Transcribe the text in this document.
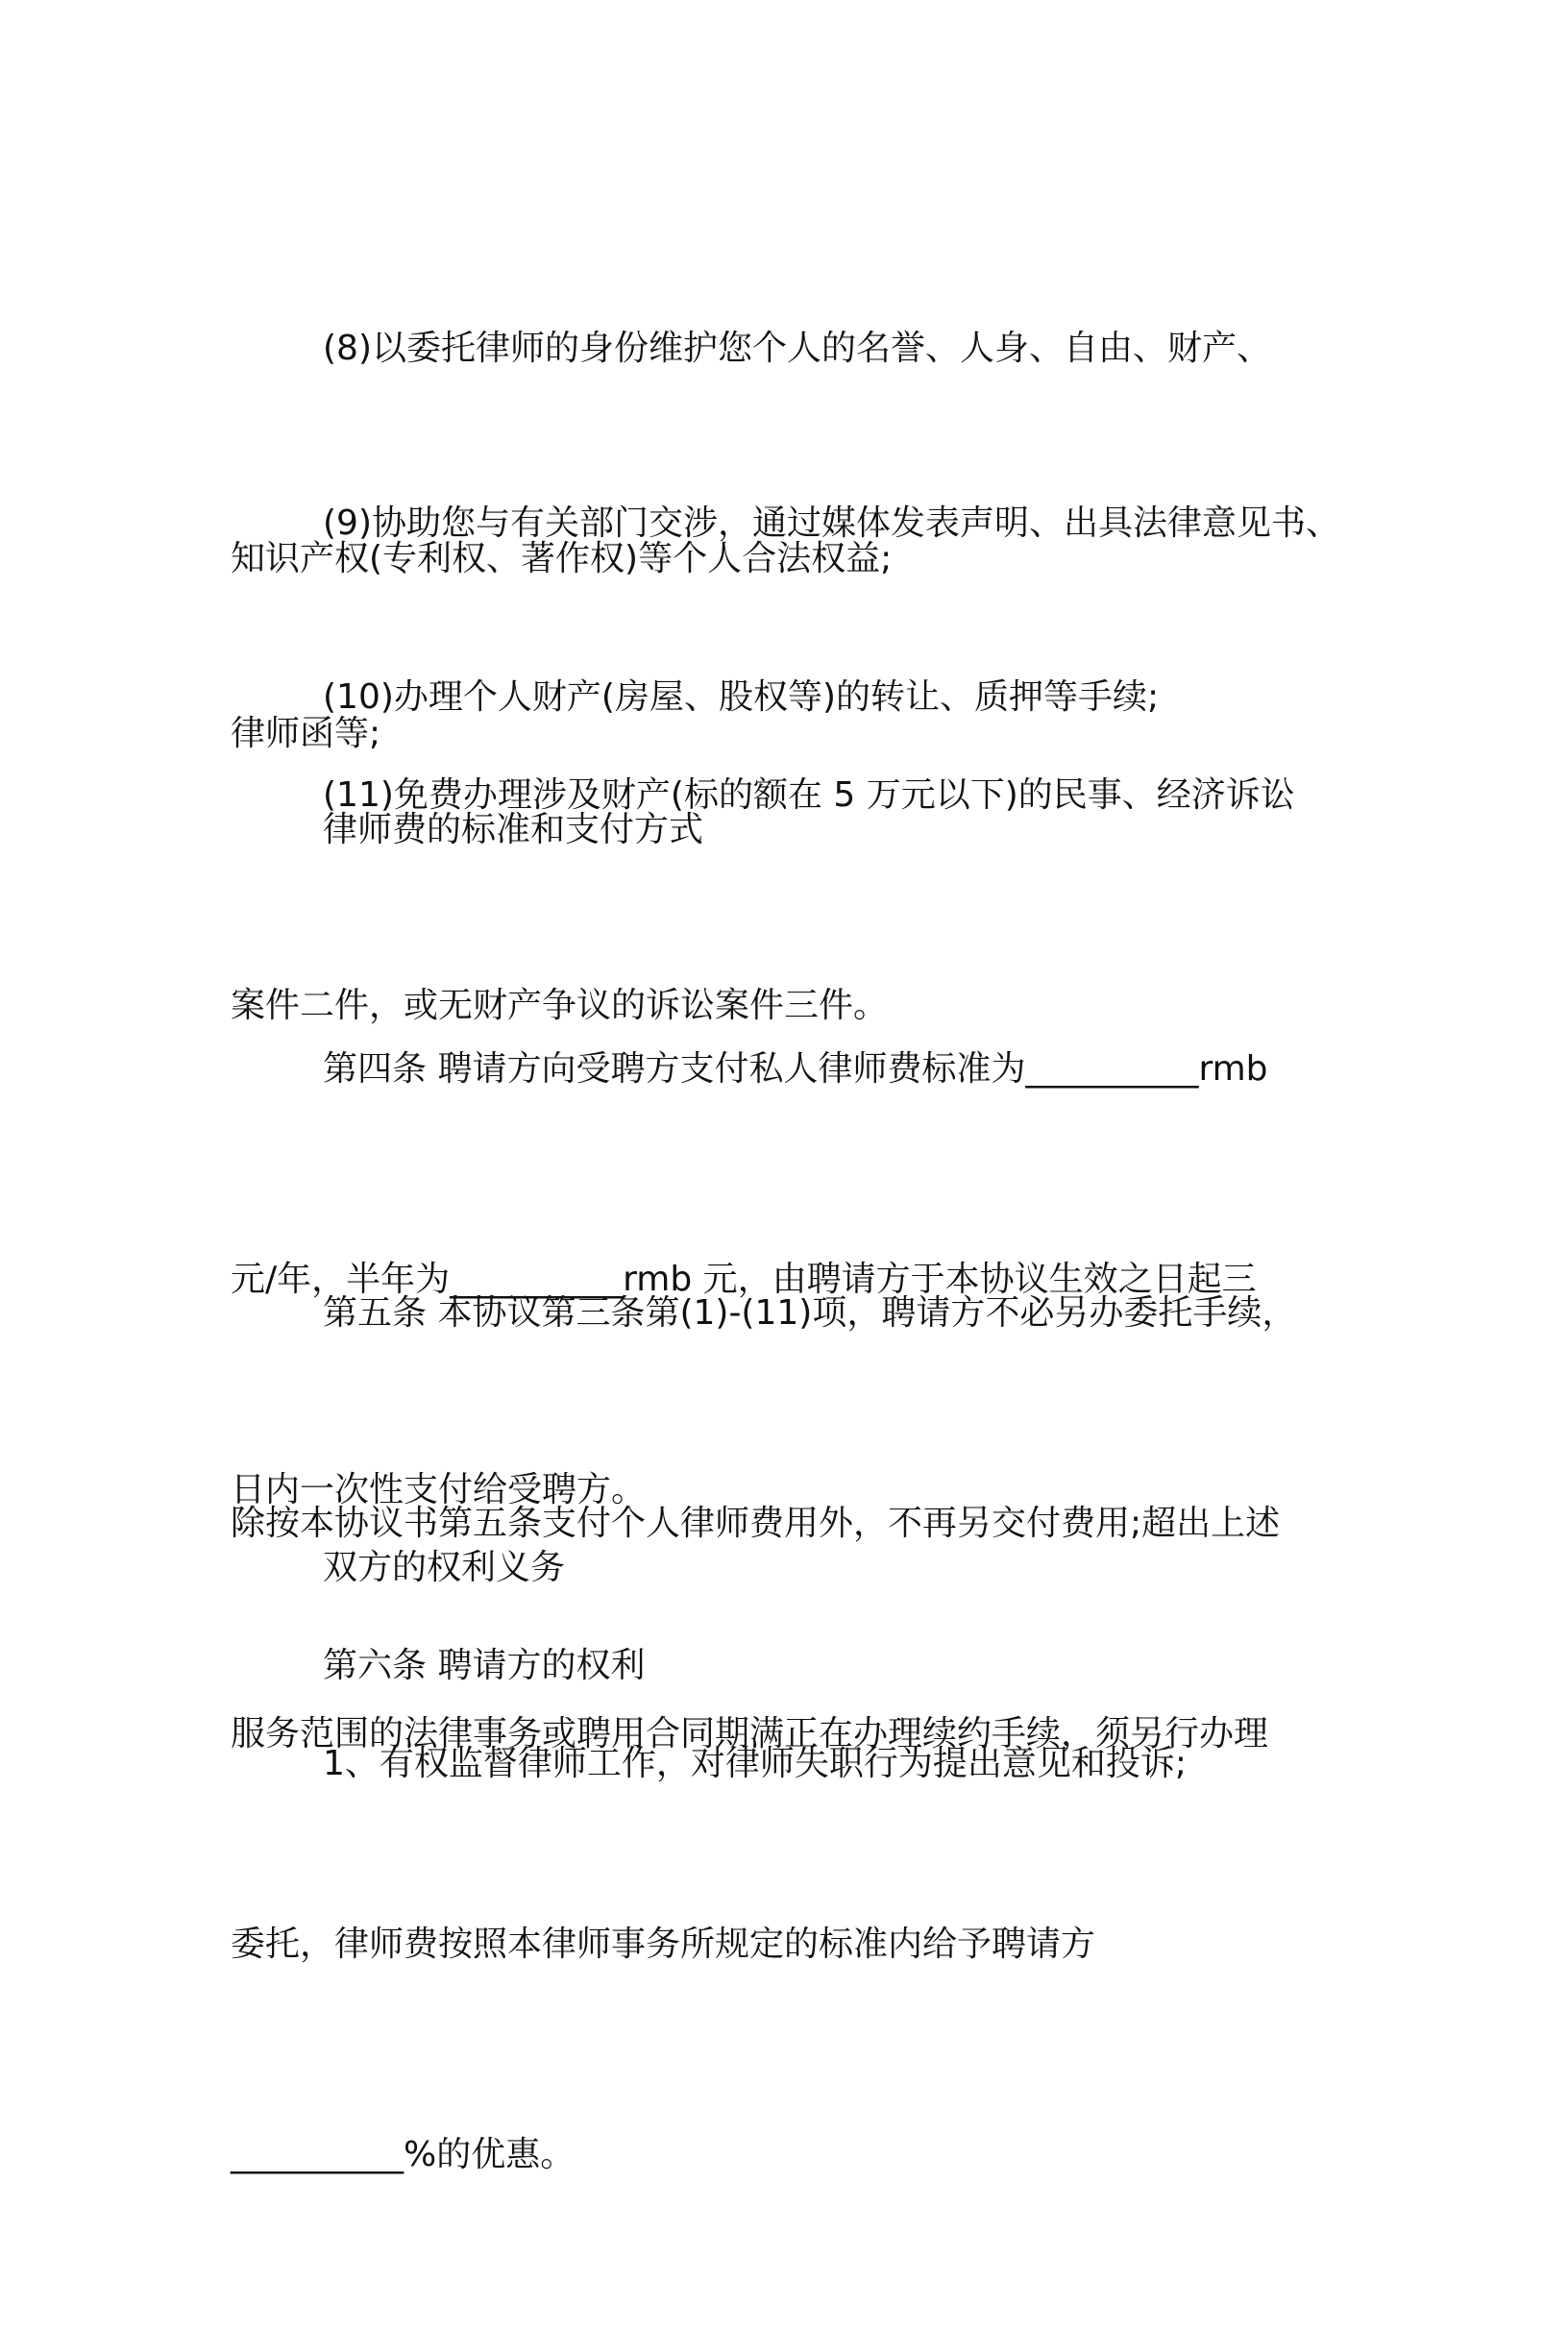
(8)以委托律师的身份维护您个人的名誉、人身、自由、财产、

知识产权(专利权、著作权)等个人合法权益;

(9)协助您与有关部门交涉，通过媒体发表声明、出具法律意见书、

律师函等;

(10)办理个人财产(房屋、股权等)的转让、质押等手续;

(11)免费办理涉及财产(标的额在 5 万元以下)的民事、经济诉讼

案件二件，或无财产争议的诉讼案件三件。

律师费的标准和支付方式

第四条 聘请方向受聘方支付私人律师费标准为__________rmb

元/年，半年为__________rmb 元，由聘请方于本协议生效之日起三

日内一次性支付给受聘方。

第五条 本协议第三条第(1)-(11)项，聘请方不必另办委托手续，

除按本协议书第五条支付个人律师费用外，不再另交付费用;超出上述

服务范围的法律事务或聘用合同期满正在办理续约手续，须另行办理

委托，律师费按照本律师事务所规定的标准内给予聘请方

__________%的优惠。

双方的权利义务

第六条 聘请方的权利

1、有权监督律师工作，对律师失职行为提出意见和投诉;
